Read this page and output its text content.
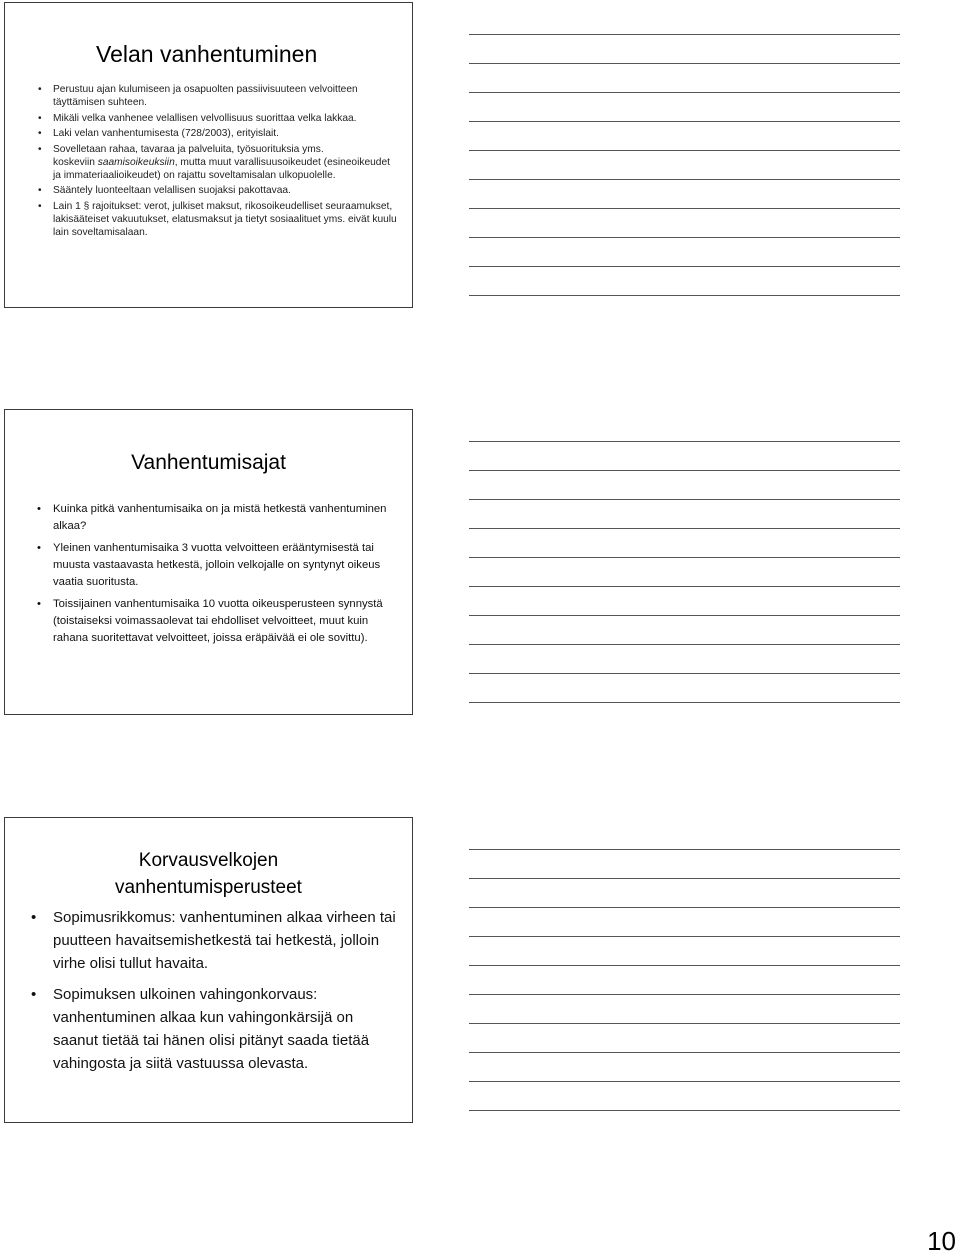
Velan vanhentuminen
• Perustuu ajan kulumiseen ja osapuolten passiivisuuteen velvoitteen täyttämisen suhteen.
• Mikäli velka vanhenee velallisen velvollisuus suorittaa velka lakkaa.
• Laki velan vanhentumisesta (728/2003), erityislait.
• Sovelletaan rahaa, tavaraa ja palveluita, työsuorituksia yms.
koskeviin saamisoikeuksiin, mutta muut varallisuusoikeudet (esineoikeudet ja immateriaalioikeudet) on rajattu soveltamisalan ulkopuolelle.
• Sääntely luonteeltaan velallisen suojaksi pakottavaa.
• Lain 1 § rajoitukset: verot, julkiset maksut, rikosoikeudelliset seuraamukset, lakisääteiset vakuutukset, elatusmaksut ja tietyt sosiaalituet yms. eivät kuulu lain soveltamisalaan.
Vanhentumisajat
• Kuinka pitkä vanhentumisaika on ja mistä hetkestä vanhentuminen alkaa?
• Yleinen vanhentumisaika 3 vuotta velvoitteen erääntymisestä tai muusta vastaavasta hetkestä, jolloin velkojalle on syntynyt oikeus vaatia suoritusta.
• Toissijainen vanhentumisaika 10 vuotta oikeusperusteen synnystä (toistaiseksi voimassaolevat tai ehdolliset velvoitteet, muut kuin rahana suoritettavat velvoitteet, joissa eräpäivää ei ole sovittu).
Korvausvelkojen
vanhentumisperusteet
• Sopimusrikkomus: vanhentuminen alkaa virheen tai puutteen havaitsemishetkestä tai hetkestä, jolloin virhe olisi tullut havaita.
• Sopimuksen ulkoinen vahingonkorvaus: vanhentuminen alkaa kun vahingonkärsijä on saanut tietää tai hänen olisi pitänyt saada tietää vahingosta ja siitä vastuussa olevasta.
10
